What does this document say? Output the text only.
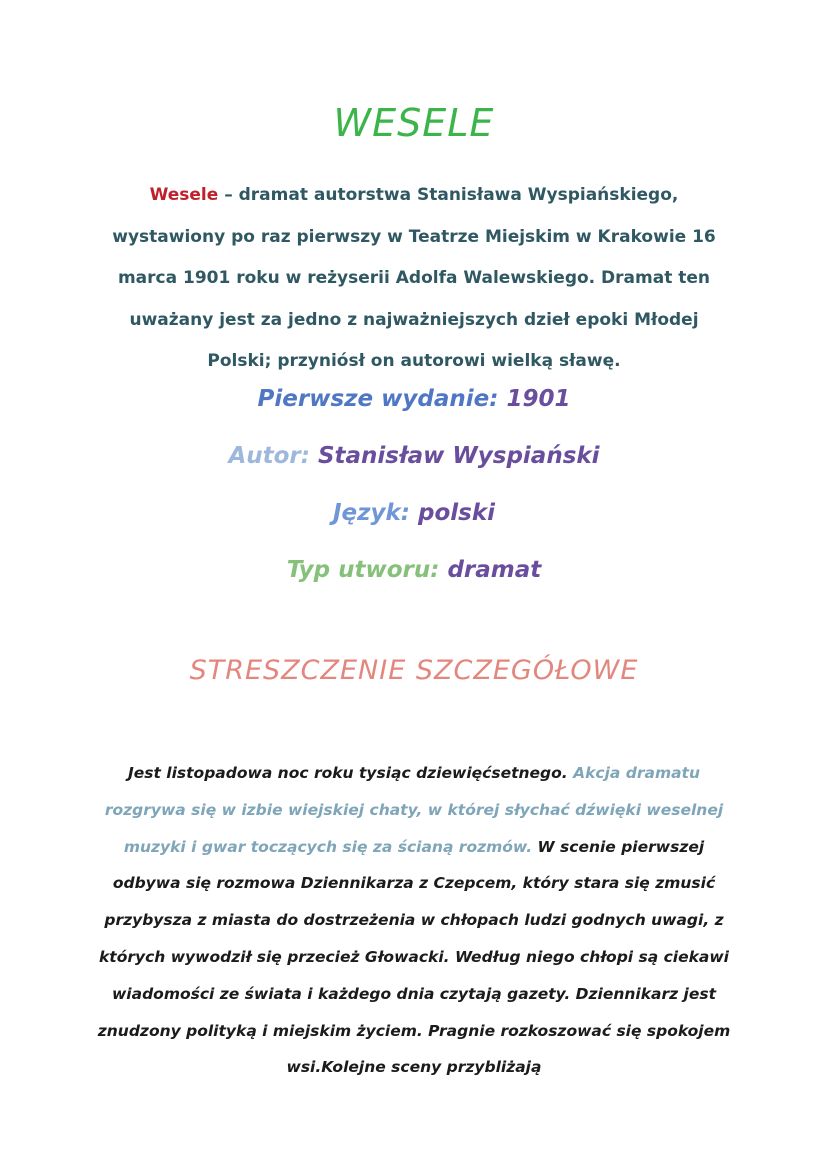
WESELE
Wesele – dramat autorstwa Stanisława Wyspiańskiego, wystawiony po raz pierwszy w Teatrze Miejskim w Krakowie 16 marca 1901 roku w reżyserii Adolfa Walewskiego. Dramat ten uważany jest za jedno z najważniejszych dzieł epoki Młodej Polski; przyniósł on autorowi wielką sławę.
Pierwsze wydanie: 1901
Autor: Stanisław Wyspiański
Język: polski
Typ utworu: dramat
STRESZCZENIE SZCZEGÓŁOWE
Jest listopadowa noc roku tysiąc dziewięćsetnego. Akcja dramatu rozgrywa się w izbie wiejskiej chaty, w której słychać dźwięki weselnej muzyki i gwar toczących się za ścianą rozmów. W scenie pierwszej odbywa się rozmowa Dziennikarza z Czepcem, który stara się zmusić przybysza z miasta do dostrzeżenia w chłopach ludzi godnych uwagi, z których wywodził się przecież Głowacki. Według niego chłopi są ciekawi wiadomości ze świata i każdego dnia czytają gazety. Dziennikarz jest znudzony polityką i miejskim życiem. Pragnie rozkoszować się spokojem wsi.Kolejne sceny przybliżają
